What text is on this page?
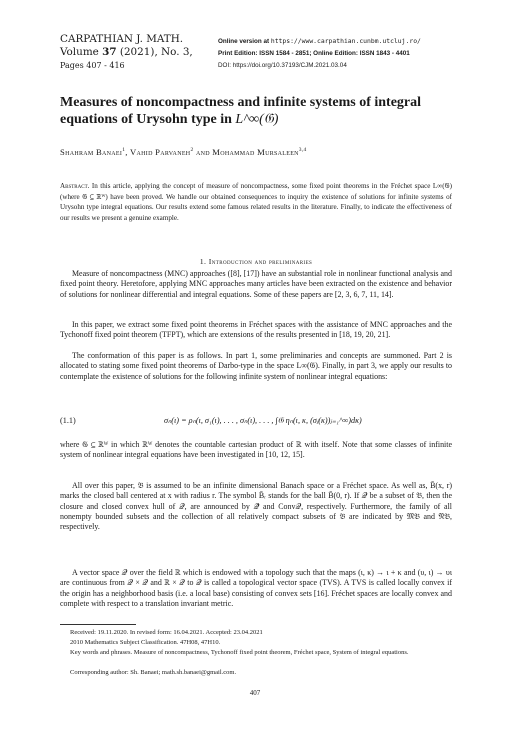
CARPATHIAN J. MATH.
Volume 37 (2021), No. 3,
Pages 407 - 416
Online version at https://www.carpathian.cunbm.utcluj.ro/
Print Edition: ISSN 1584 - 2851; Online Edition: ISSN 1843 - 4401
DOI: https://doi.org/10.37193/CJM.2021.03.04
Measures of noncompactness and infinite systems of integral equations of Urysohn type in L^∞(𝔊)
Shahram Banaei$^1$, Vahid Parvaneh$^2$ and Mohammad Mursaleen$^{3,4}$
Abstract. In this article, applying the concept of measure of noncompactness, some fixed point theorems in the Fréchet space L∞(𝔊) (where 𝔊 ⊆ ℝᵂ) have been proved. We handle our obtained consequences to inquiry the existence of solutions for infinite systems of Urysohn type integral equations. Our results extend some famous related results in the literature. Finally, to indicate the effectiveness of our results we present a genuine example.
1. Introduction and preliminaries

Measure of noncompactness (MNC) approaches ([8], [17]) have an substantial role in nonlinear functional analysis and fixed point theory. Heretofore, applying MNC approaches many articles have been extracted on the existence and behavior of solutions for nonlinear differential and integral equations. Some of these papers are [2, 3, 6, 7, 11, 14].

In this paper, we extract some fixed point theorems in Fréchet spaces with the assistance of MNC approaches and the Tychonoff fixed point theorem (TFPT), which are extensions of the results presented in [18, 19, 20, 21].

The conformation of this paper is as follows. In part 1, some preliminaries and concepts are summoned. Part 2 is allocated to stating some fixed point theorems of Darbo-type in the space L∞(𝔊). Finally, in part 3, we apply our results to contemplate the existence of solutions for the following infinite system of nonlinear integral equations:

(1.1)	σₙ(ι) = ρₙ(ι, σ₁(ι), . . . , σₙ(ι), . . . , ∫𝔊 ηₙ(ι, κ, (σⱼ(κ))ⱼ₌₁^∞)dκ)

where 𝔊 ⊆ ℝᵂ in which ℝᵂ denotes the countable cartesian product of ℝ with itself. Note that some classes of infinite system of nonlinear integral equations have been investigated in [10, 12, 15].

All over this paper, 𝔅 is assumed to be an infinite dimensional Banach space or a Fréchet space. As well as, B̄(x, r) marks the closed ball centered at x with radius r. The symbol B̄ᵣ stands for the ball B̄(0, r). If 𝒬 be a subset of 𝔅, then the closure and closed convex hull of 𝒬, are announced by 𝒬̄ and Conv𝒬, respectively. Furthermore, the family of all nonempty bounded subsets and the collection of all relatively compact subsets of 𝔅 are indicated by 𝔐𝔅 and 𝔑𝔅, respectively.

A vector space 𝒬 over the field ℝ which is endowed with a topology such that the maps (ι, κ) → ι + κ and (υ, ι) → υι are continuous from 𝒬 × 𝒬 and ℝ × 𝒬 to 𝒬 is called a topological vector space (TVS). A TVS is called locally convex if the origin has a neighborhood basis (i.e. a local base) consisting of convex sets [16]. Fréchet spaces are locally convex and complete with respect to a translation invariant metric.

Received: 19.11.2020. In revised form: 16.04.2021. Accepted: 23.04.2021
2010 Mathematics Subject Classification. 47H08, 47H10.
Key words and phrases. Measure of noncompactness, Tychonoff fixed point theorem, Fréchet space, System of integral equations.
Corresponding author: Sh. Banaei; math.sh.banaei@gmail.com.
407
